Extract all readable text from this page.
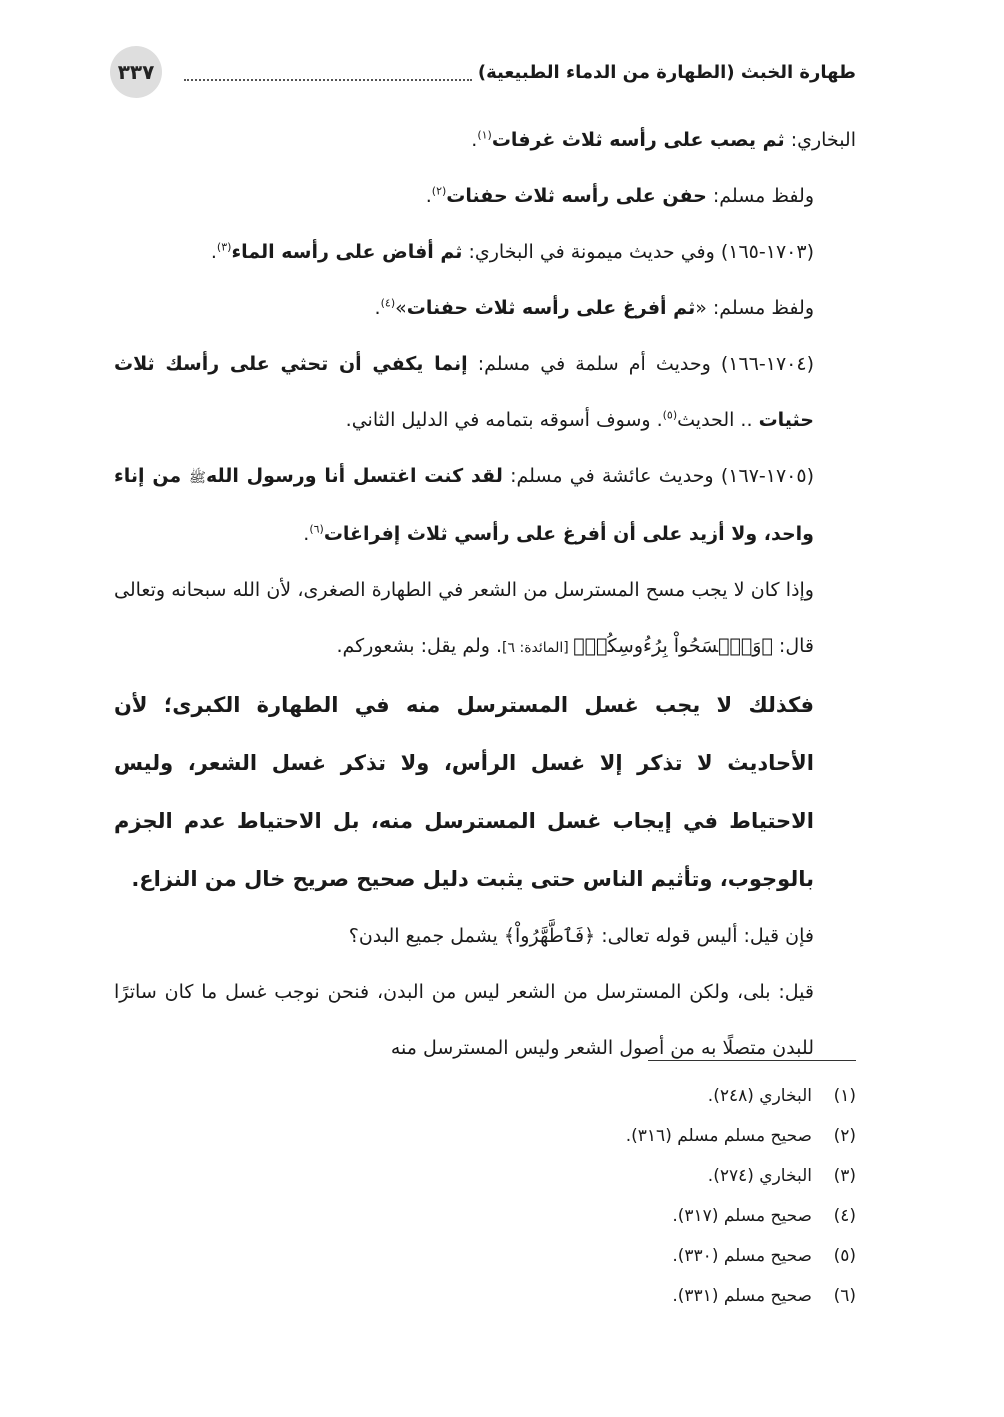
٣٣٧	طهارة الخبث (الطهارة من الدماء الطبيعية)

البخاري: ثم يصب على رأسه ثلاث غرفات$^{(١)}$.

ولفظ مسلم: حفن على رأسه ثلاث حفنات$^{(٢)}$.

(١٧٠٣-١٦٥) وفي حديث ميمونة في البخاري: ثم أفاض على رأسه الماء$^{(٣)}$.

ولفظ مسلم: «ثم أفرغ على رأسه ثلاث حفنات»$^{(٤)}$.

(١٧٠٤-١٦٦) وحديث أم سلمة في مسلم: إنما يكفي أن تحثي على رأسك ثلاث حثيات .. الحديث$^{(٥)}$. وسوف أسوقه بتمامه في الدليل الثاني.

(١٧٠٥-١٦٧) وحديث عائشة في مسلم: لقد كنت اغتسل أنا ورسول اللهﷺ من إناء واحد، ولا أزيد على أن أفرغ على رأسي ثلاث إفراغات$^{(٦)}$.

وإذا كان لا يجب مسح المسترسل من الشعر في الطهارة الصغرى، لأن الله سبحانه وتعالى قال: ﴿وَٱمۡسَحُواْ بِرُءُوسِكُمۡ﴾ [المائدة: ٦]. ولم يقل: بشعوركم.

فكذلك لا يجب غسل المسترسل منه في الطهارة الكبرى؛ لأن الأحاديث لا تذكر إلا غسل الرأس، ولا تذكر غسل الشعر، وليس الاحتياط في إيجاب غسل المسترسل منه، بل الاحتياط عدم الجزم بالوجوب، وتأثيم الناس حتى يثبت دليل صحيح صريح خال من النزاع.

فإن قيل: أليس قوله تعالى: ﴿فَٱطَّهَّرُواْ﴾ يشمل جميع البدن؟

قيل: بلى، ولكن المسترسل من الشعر ليس من البدن، فنحن نوجب غسل ما كان ساترًا للبدن متصلًا به من أصول الشعر وليس المسترسل منه

(١)البخاري (٢٤٨).
(٢)صحيح مسلم مسلم (٣١٦).
(٣)البخاري (٢٧٤).
(٤)صحيح مسلم (٣١٧).
(٥)صحيح مسلم (٣٣٠).
(٦)صحيح مسلم (٣٣١).
